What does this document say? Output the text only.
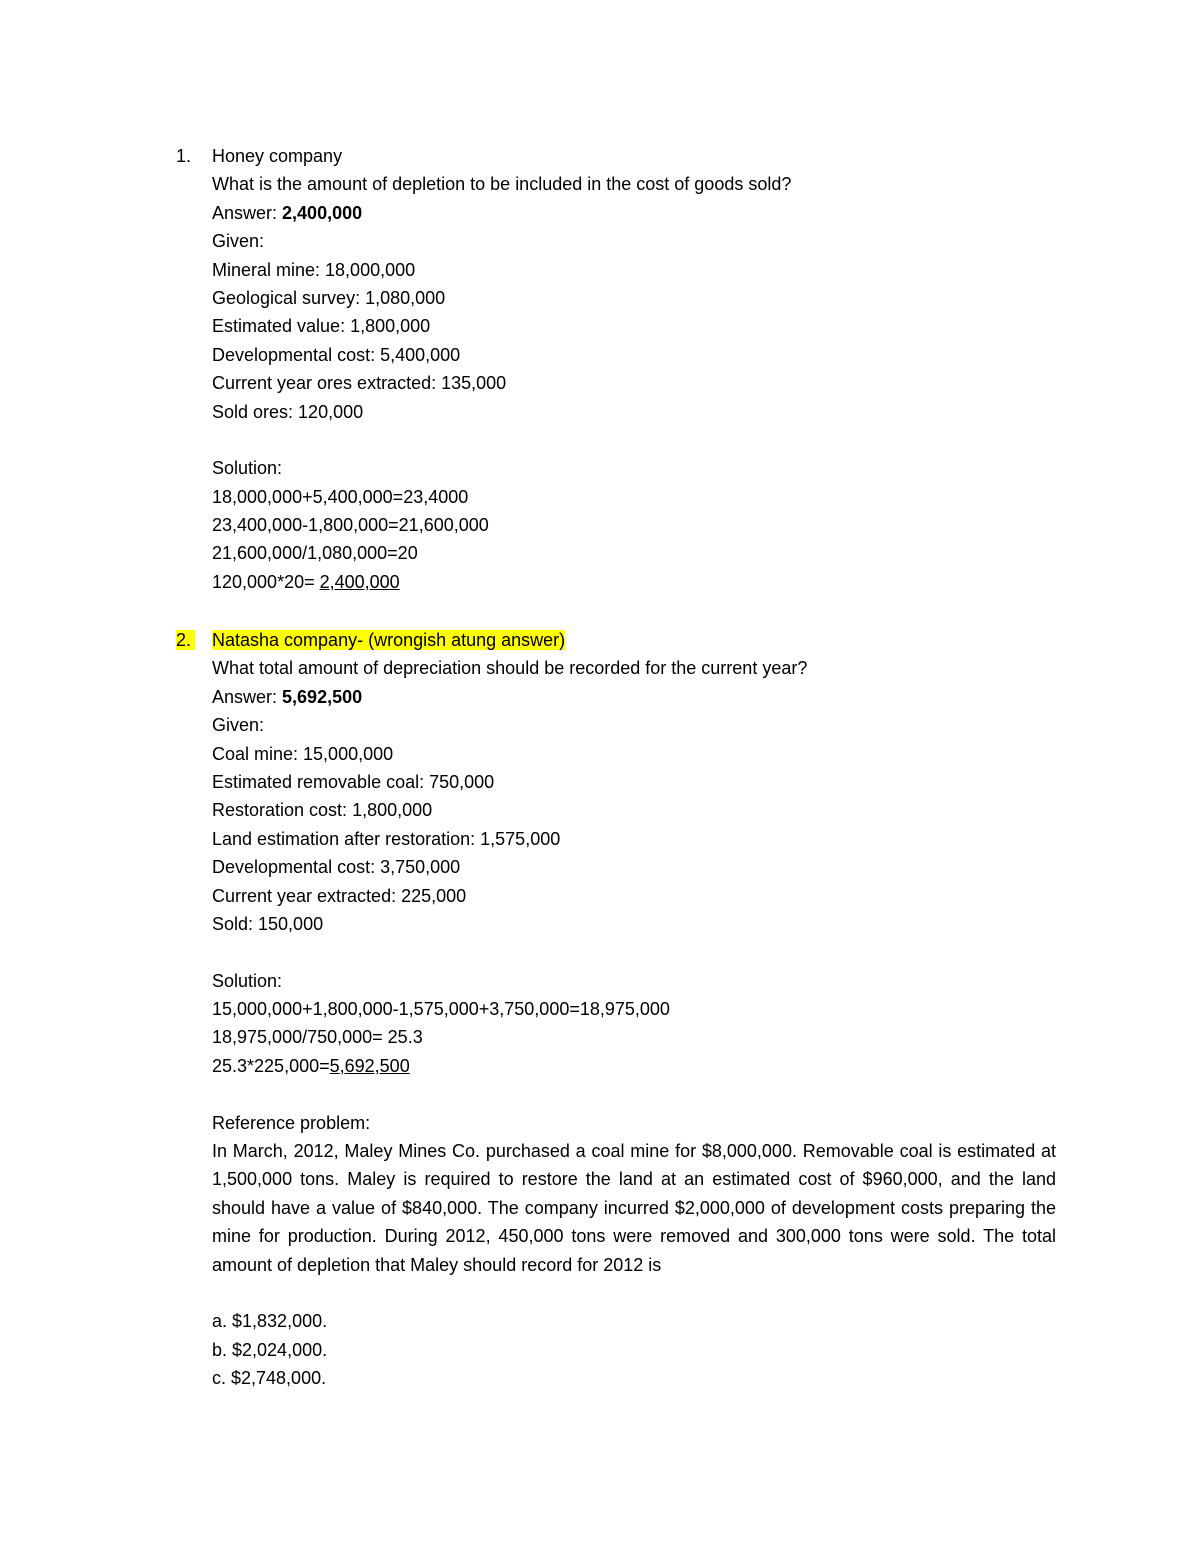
1. Honey company
What is the amount of depletion to be included in the cost of goods sold?
Answer: 2,400,000
Given:
Mineral mine: 18,000,000
Geological survey: 1,080,000
Estimated value: 1,800,000
Developmental cost: 5,400,000
Current year ores extracted: 135,000
Sold ores: 120,000
Solution:
18,000,000+5,400,000=23,4000
23,400,000-1,800,000=21,600,000
21,600,000/1,080,000=20
120,000*20= 2,400,000
2. Natasha company- (wrongish atung answer)
What total amount of depreciation should be recorded for the current year?
Answer: 5,692,500
Given:
Coal mine: 15,000,000
Estimated removable coal: 750,000
Restoration cost: 1,800,000
Land estimation after restoration: 1,575,000
Developmental cost: 3,750,000
Current year extracted: 225,000
Sold: 150,000
Solution:
15,000,000+1,800,000-1,575,000+3,750,000=18,975,000
18,975,000/750,000= 25.3
25.3*225,000=5,692,500
Reference problem:
In March, 2012, Maley Mines Co. purchased a coal mine for $8,000,000. Removable coal is estimated at 1,500,000 tons. Maley is required to restore the land at an estimated cost of $960,000, and the land should have a value of $840,000. The company incurred $2,000,000 of development costs preparing the mine for production. During 2012, 450,000 tons were removed and 300,000 tons were sold. The total amount of depletion that Maley should record for 2012 is
a. $1,832,000.
b. $2,024,000.
c. $2,748,000.
